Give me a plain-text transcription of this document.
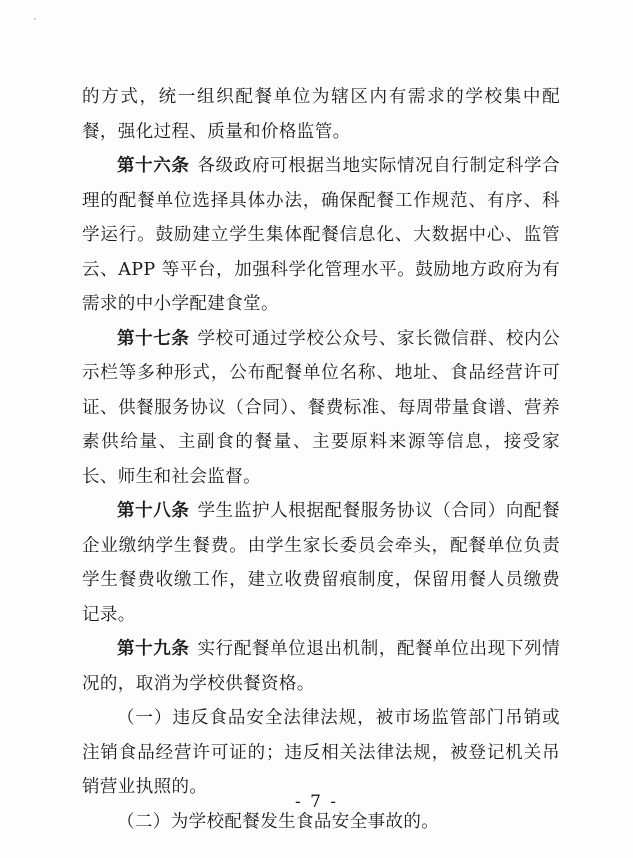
的方式，统一组织配餐单位为辖区内有需求的学校集中配餐，强化过程、质量和价格监管。

第十六条 各级政府可根据当地实际情况自行制定科学合理的配餐单位选择具体办法，确保配餐工作规范、有序、科学运行。鼓励建立学生集体配餐信息化、大数据中心、监管云、APP 等平台，加强科学化管理水平。鼓励地方政府为有需求的中小学配建食堂。

第十七条 学校可通过学校公众号、家长微信群、校内公示栏等多种形式，公布配餐单位名称、地址、食品经营许可证、供餐服务协议（合同）、餐费标准、每周带量食谱、营养素供给量、主副食的餐量、主要原料来源等信息，接受家长、师生和社会监督。

第十八条 学生监护人根据配餐服务协议（合同）向配餐企业缴纳学生餐费。由学生家长委员会牵头，配餐单位负责学生餐费收缴工作，建立收费留痕制度，保留用餐人员缴费记录。

第十九条 实行配餐单位退出机制，配餐单位出现下列情况的，取消为学校供餐资格。

（一）违反食品安全法律法规，被市场监管部门吊销或注销食品经营许可证的；违反相关法律法规，被登记机关吊销营业执照的。

（二）为学校配餐发生食品安全事故的。

- 7 -
